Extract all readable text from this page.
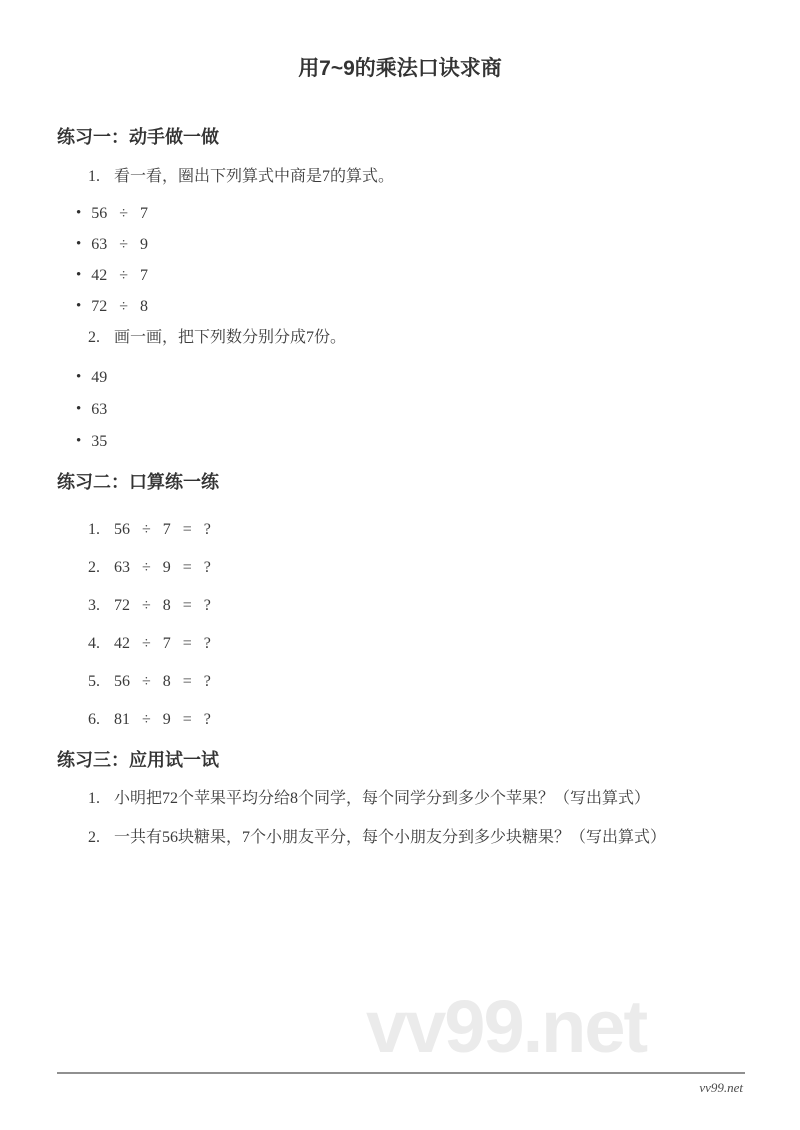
vv99.net
用7~9的乘法口诀求商
练习一：动手做一做

1. 看一看，圈出下列算式中商是7的算式。

• 56 ÷ 7
• 63 ÷ 9
• 42 ÷ 7
• 72 ÷ 8

2. 画一画，把下列数分别分成7份。

• 49
• 63
• 35
练习二：口算练一练
1. 56 ÷ 7 = ?
2. 63 ÷ 9 = ?
3. 72 ÷ 8 = ?
4. 42 ÷ 7 = ?
5. 56 ÷ 8 = ?
6. 81 ÷ 9 = ?
练习三：应用试一试
1. 小明把72个苹果平均分给8个同学，每个同学分到多少个苹果？（写出算式）
2. 一共有56块糖果，7个小朋友平分，每个小朋友分到多少块糖果？（写出算式）
vv99.net
